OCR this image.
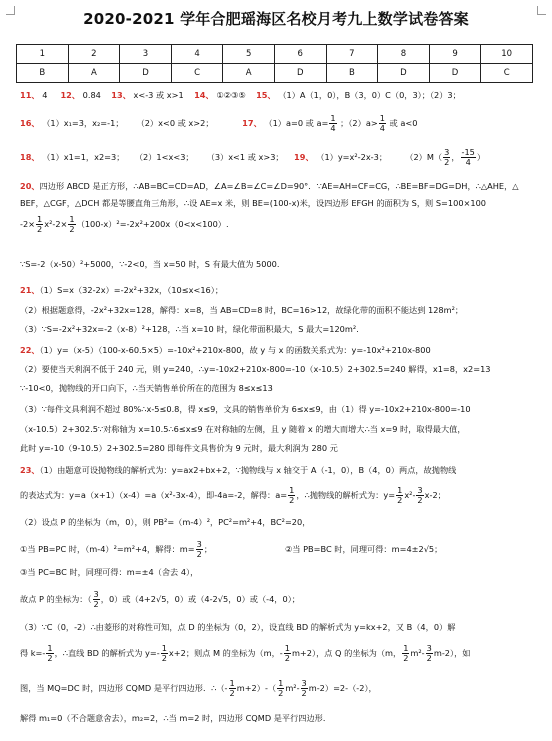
2020-2021 学年合肥瑶海区名校月考九上数学试卷答案
1	2	3	4	5	6	7	8	9	10
B	A	D	C	A	D	B	D	D	C
11、 4 12、 0.84 13、 x<-3 或 x>1 14、 ①②③⑤ 15、 （1）A（1，0），B（3，0）C（0，3）；（2）3；
16、 （1）x₁=3，x₂=-1； （2）x<0 或 x>2；	17、 （1）a=0 或 $a= \frac{1}{4}$ ；$(2)a> \frac{1}{4}$ 或 a<0
18、 （1）x1=1，x2=3； （2）1<x<3； （3）x<1 或 x>3； 19、 （1）y=x²-2x-3； $(2)M( \frac{3}{2}$ ， $\frac{-15}{4}$ ）
20、四边形 ABCD 是正方形，∴AB=BC=CD=AD，∠A=∠B=∠C=∠D=90°．∵AE=AH=CF=CG，∴BE=BF=DG=DH，∴△AHE，△
BEF，△CGF，△DCH 都是等腰直角三角形，∴设 AE=x 米，则 BE=(100-x)米，设四边形 EFGH 的面积为 S，则 S=100×100
$-2\times \frac{1}{2} x^2-2\times \frac{1}{2} (100-x)^2=-2x^2+200x(0<x<100)$.
∵S=-2（x-50）²+5000，∵-2<0，当 x=50 时，S 有最大值为 5000.
21、（1）S=x（32-2x）=-2x²+32x，（10≤x<16）；
（2）根据题意得，-2x²+32x=128，解得：x=8，当 AB=CD=8 时，BC=16>12，故绿化带的面积不能达到 128m²；
（3）∵S=-2x²+32x=-2（x-8）²+128，∴当 x=10 时，绿化带面积最大，S 最大=120m².
22、（1）y=（x-5）（100-x-60.5×5）=-10x²+210x-800，故 y 与 x 的函数关系式为：y=-10x²+210x-800
（2）要使当天利润不低于 240 元，则 y=240，∴y=-10x2+210x-800=-10（x-10.5）2+302.5=240 解得，x1=8，x2=13
∵-10<0，抛物线的开口向下，∴当天销售单价所在的范围为 8≤x≤13
（3）∵每件文具利润不超过 80%∴x-5≤0.8，得 x≤9，文具的销售单价为 6≤x≤9，由（1）得 y=-10x2+210x-800=-10
（x-10.5）2+302.5∵对称轴为 x=10.5∴6≤x≤9 在对称轴的左侧，且 y 随着 x 的增大而增大∴当 x=9 时，取得最大值，
此时 y=-10（9-10.5）2+302.5=280 即每件文具售价为 9 元时，最大利润为 280 元
23、（1）由题意可设抛物线的解析式为：y=ax2+bx+2，∵抛物线与 x 轴交于 A（-1，0），B（4，0）两点，故抛物线
的表达式为：y=a（x+1）（x-4）=a（x²-3x-4），即-4a=-2，解得：$a= \frac{1}{2}$ ，∴抛物线的解析式为：$y= \frac{1}{2} x^2- \frac{3}{2} x-2$；
（2）设点 P 的坐标为（m，0），则 PB²=（m-4）²，PC²=m²+4，BC²=20，
①当 PB=PC 时，（m-4）²=m²+4，解得：$m= \frac{3}{2}$ ；	②当 PB=BC 时，同理可得：m=4±2√5；
③当 PC=BC 时，同理可得：m=±4（舍去 4），
故点 P 的坐标为：（ $\frac{3}{2}$ ，0）或（4+2√5，0）或（4-2√5，0）或（-4，0）；
（3）∵C（0，-2）∴由菱形的对称性可知，点 D 的坐标为（0，2），设直线 BD 的解析式为 y=kx+2，又 B（4，0）解
得 $k=- \frac{1}{2}$ ，∴直线 BD 的解析式为 $y=- \frac{1}{2} x+2$；则点 M 的坐标为（m，- $\frac{1}{2} m+2$），点 Q 的坐标为（m， $\frac{1}{2} m^2- \frac{3}{2} m-2$），如
图，当 MQ=DC 时，四边形 CQMD 是平行四边形．∴（- $\frac{1}{2} m+2)-( \frac{1}{2} m^2- \frac{3}{2} m-2)=2-(-2)$，
解得 m₁=0（不合题意舍去），m₂=2，∴当 m=2 时，四边形 CQMD 是平行四边形．
